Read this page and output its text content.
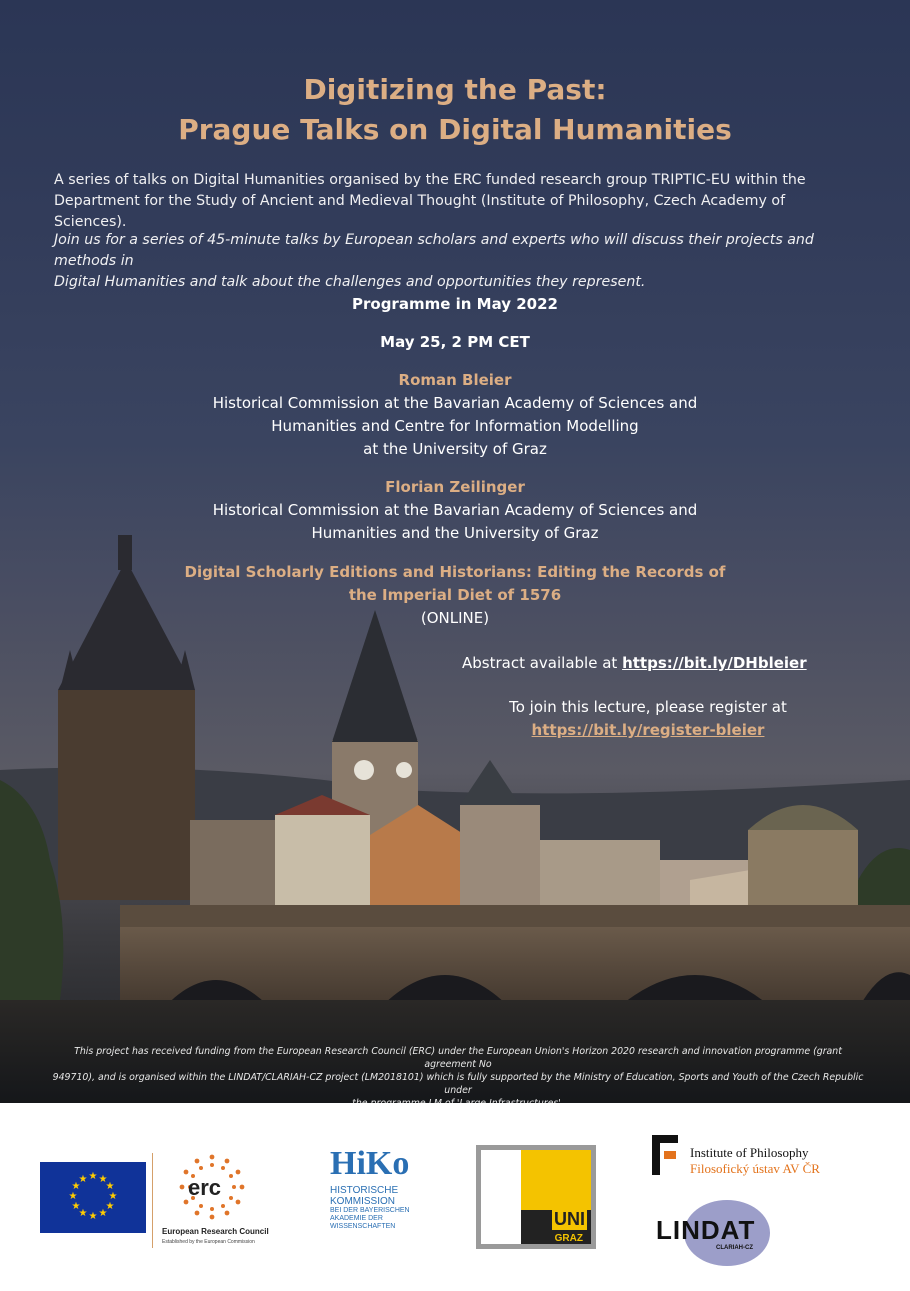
Digitizing the Past:
Prague Talks on Digital Humanities
A series of talks on Digital Humanities organised by the ERC funded research group TRIPTIC-EU within the
Department for the Study of Ancient and Medieval Thought (Institute of Philosophy, Czech Academy of Sciences).
Join us for a series of 45-minute talks by European scholars and experts who will discuss their projects and methods in
Digital Humanities and talk about the challenges and opportunities they represent.
Programme in May 2022
May 25, 2 PM CET
Roman Bleier
Historical Commission at the Bavarian Academy of Sciences and
Humanities and Centre for Information Modelling
at the University of Graz
Florian Zeilinger
Historical Commission at the Bavarian Academy of Sciences and
Humanities and the University of Graz
Digital Scholarly Editions and Historians: Editing the Records of
the Imperial Diet of 1576
(ONLINE)
Abstract available at https://bit.ly/DHbleier
To join this lecture, please register at
https://bit.ly/register-bleier
This project has received funding from the European Research Council (ERC) under the European Union's Horizon 2020 research and innovation programme (grant agreement No
949710), and is organised within the LINDAT/CLARIAH-CZ project (LM2018101) which is fully supported by the Ministry of Education, Sports and Youth of the Czech Republic under
★ ★
★
★
★
★
★
★
★
★
★
★	erc
European Research Council
Established by the European Commission
HiKo
HISTORISCHE
KOMMISSION
BEI DER BAYERISCHEN
AKADEMIE DER
WISSENSCHAFTEN	UNI
GRAZ
Institute of Philosophy
Filosofický ústav AV ČR
LINDAT
CLARIAH-CZ
